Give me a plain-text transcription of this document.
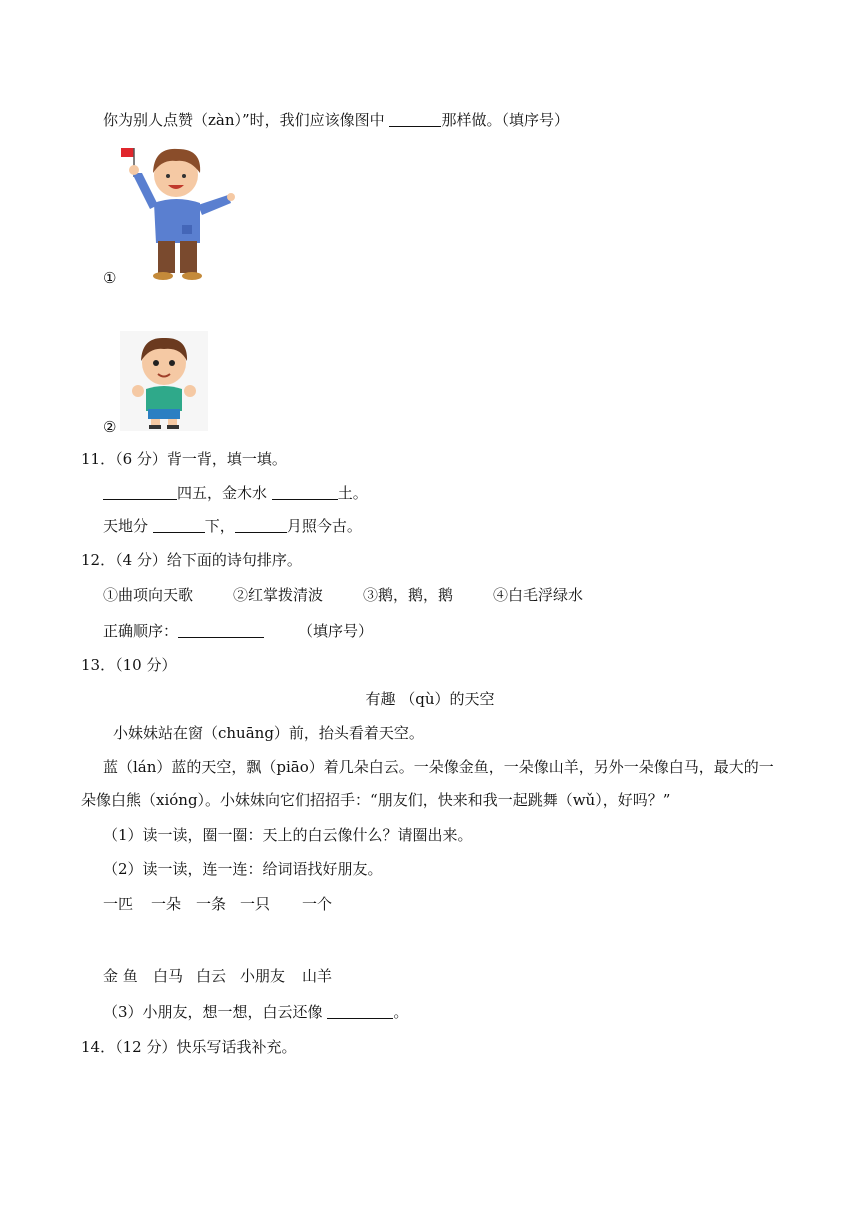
你为别人点赞（zàn）”时，我们应该像图中	那样做。（填序号）
①
②
11．（6 分）背一背，填一填。
四五，金木水	土。
天地分	下，	月照今古。
12．（4 分）给下面的诗句排序。
①曲项向天歌	②红掌拨清波	③鹅，鹅，鹅	④白毛浮绿水
正确顺序：	（填序号）
13．（10 分）
有趣 （qù）的天空
小妹妹站在窗（chuāng）前，抬头看着天空。
蓝（lán）蓝的天空，飘（piāo）着几朵白云。一朵像金鱼，一朵像山羊，另外一朵像白马，最大的一
朵像白熊（xióng）。小妹妹向它们招招手：“朋友们，快来和我一起跳舞（wǔ），好吗？”
（1）读一读，圈一圈：天上的白云像什么？请圈出来。
（2）读一读，连一连：给词语找好朋友。
一匹 一朵 一条 一只 一个
金 鱼 白马 白云 小朋友 山羊
（3）小朋友，想一想，白云还像	。
14．（12 分）快乐写话我补充。
